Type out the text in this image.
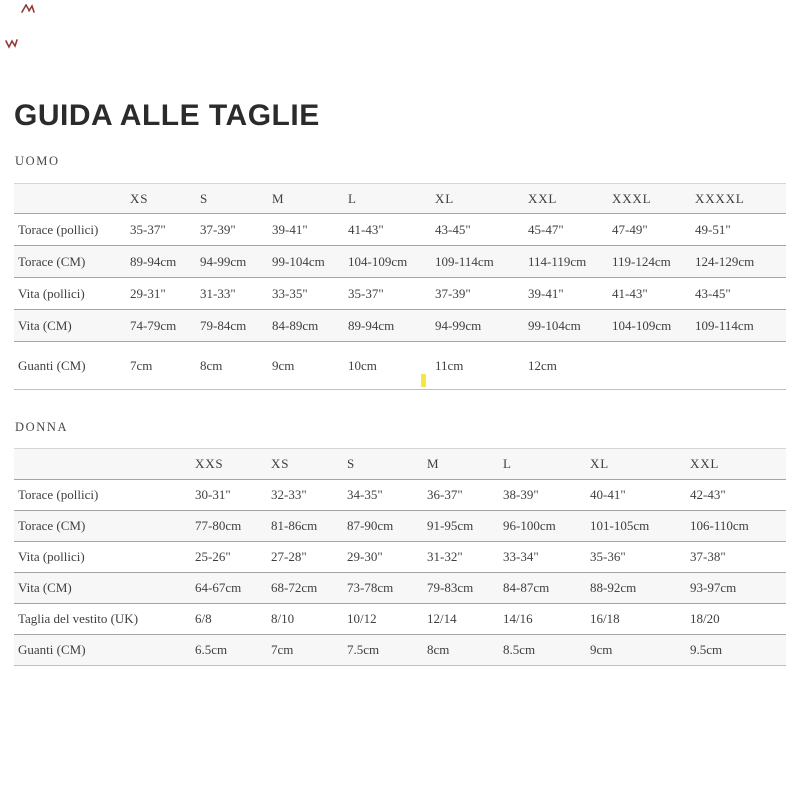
GUIDA ALLE TAGLIE
UOMO
	XS	S	M	L	XL	XXL	XXXL	XXXXL
Torace (pollici)	35-37"	37-39"	39-41"	41-43"	43-45"	45-47"	47-49"	49-51"
Torace (CM)	89-94cm	94-99cm	99-104cm	104-109cm	109-114cm	114-119cm	119-124cm	124-129cm
Vita (pollici)	29-31"	31-33"	33-35"	35-37"	37-39"	39-41"	41-43"	43-45"
Vita (CM)	74-79cm	79-84cm	84-89cm	89-94cm	94-99cm	99-104cm	104-109cm	109-114cm
Guanti (CM)	7cm	8cm	9cm	10cm	11cm	12cm		
DONNA
	XXS	XS	S	M	L	XL	XXL
Torace (pollici)	30-31"	32-33"	34-35"	36-37"	38-39"	40-41"	42-43"
Torace (CM)	77-80cm	81-86cm	87-90cm	91-95cm	96-100cm	101-105cm	106-110cm
Vita (pollici)	25-26"	27-28"	29-30"	31-32"	33-34"	35-36"	37-38"
Vita (CM)	64-67cm	68-72cm	73-78cm	79-83cm	84-87cm	88-92cm	93-97cm
Taglia del vestito (UK)	6/8	8/10	10/12	12/14	14/16	16/18	18/20
Guanti (CM)	6.5cm	7cm	7.5cm	8cm	8.5cm	9cm	9.5cm
